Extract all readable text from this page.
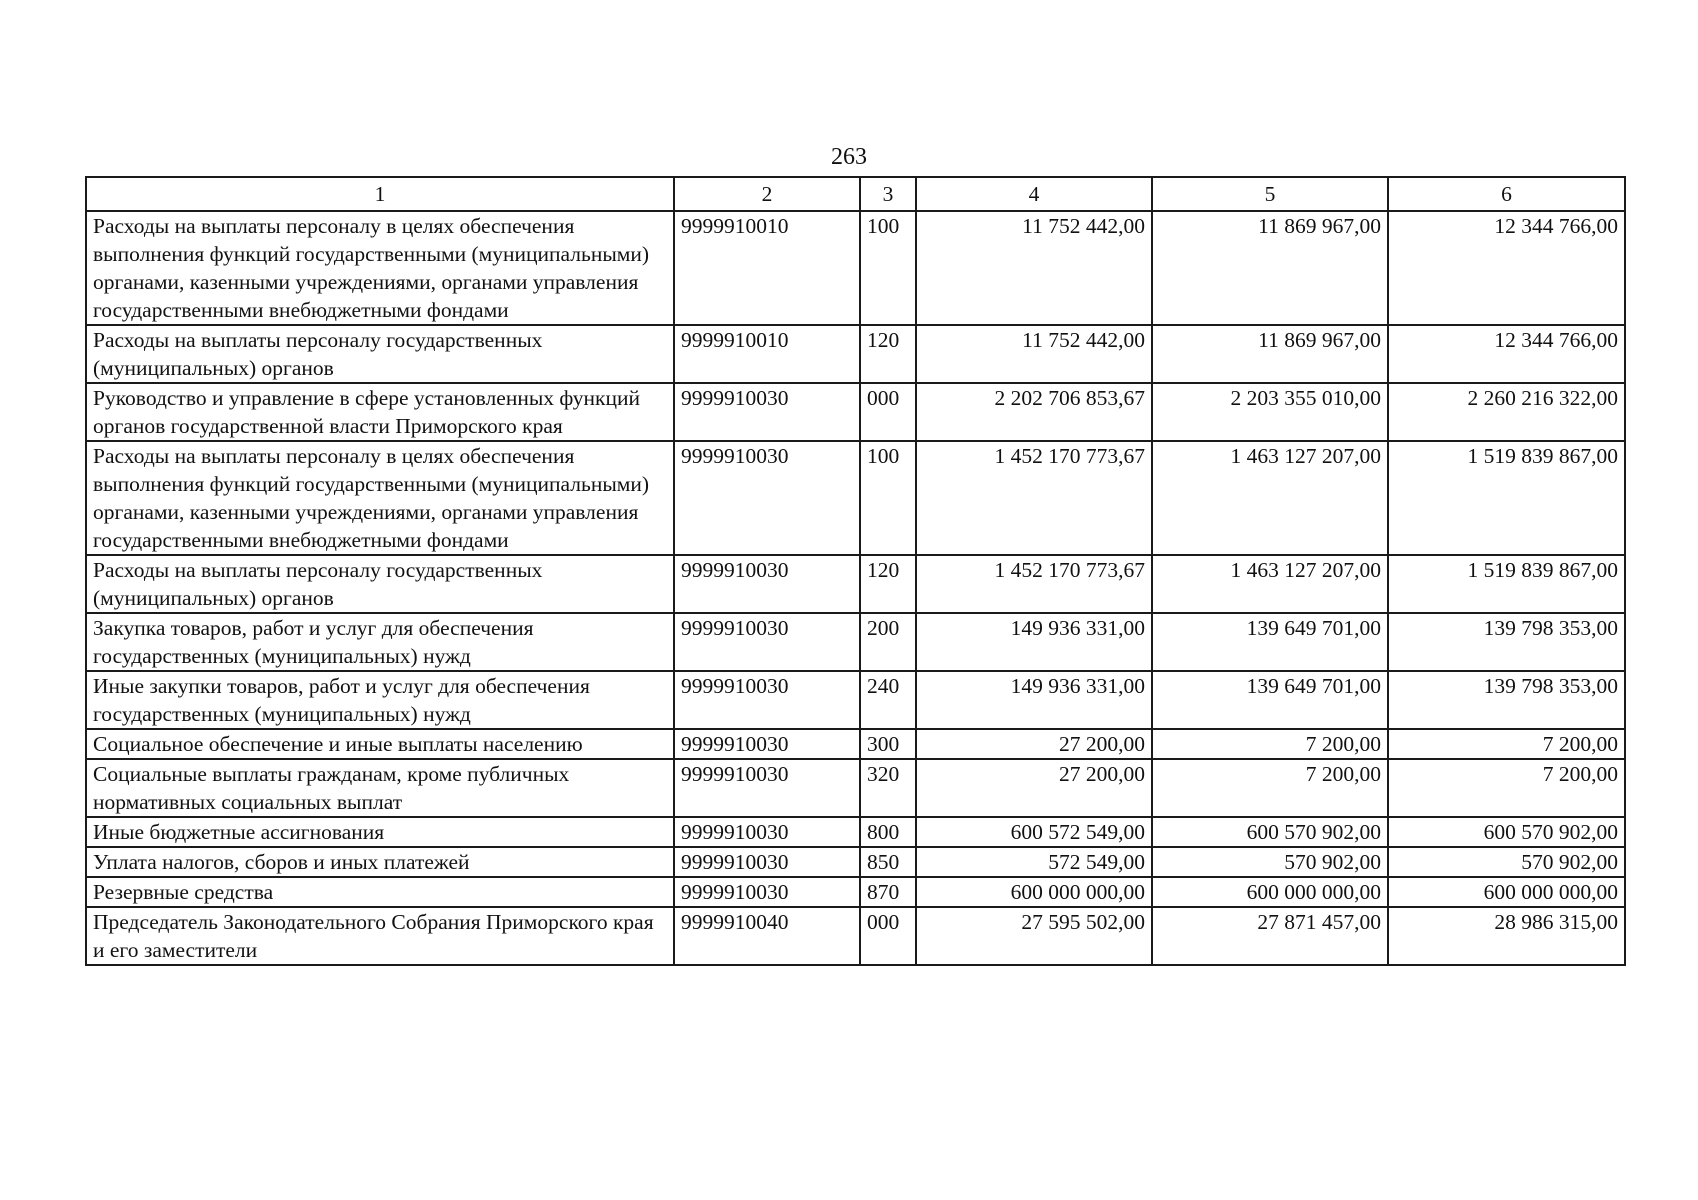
263
1	2	3	4	5	6
Расходы на выплаты персоналу в целях обеспечения выполнения функций государственными (муниципальными) органами, казенными учреждениями, органами управления государственными внебюджетными фондами	9999910010	100	11 752 442,00	11 869 967,00	12 344 766,00
Расходы на выплаты персоналу государственных (муниципальных) органов	9999910010	120	11 752 442,00	11 869 967,00	12 344 766,00
Руководство и управление в сфере установленных функций органов государственной власти Приморского края	9999910030	000	2 202 706 853,67	2 203 355 010,00	2 260 216 322,00
Расходы на выплаты персоналу в целях обеспечения выполнения функций государственными (муниципальными) органами, казенными учреждениями, органами управления государственными внебюджетными фондами	9999910030	100	1 452 170 773,67	1 463 127 207,00	1 519 839 867,00
Расходы на выплаты персоналу государственных (муниципальных) органов	9999910030	120	1 452 170 773,67	1 463 127 207,00	1 519 839 867,00
Закупка товаров, работ и услуг для обеспечения государственных (муниципальных) нужд	9999910030	200	149 936 331,00	139 649 701,00	139 798 353,00
Иные закупки товаров, работ и услуг для обеспечения государственных (муниципальных) нужд	9999910030	240	149 936 331,00	139 649 701,00	139 798 353,00
Социальное обеспечение и иные выплаты населению	9999910030	300	27 200,00	7 200,00	7 200,00
Социальные выплаты гражданам, кроме публичных нормативных социальных выплат	9999910030	320	27 200,00	7 200,00	7 200,00
Иные бюджетные ассигнования	9999910030	800	600 572 549,00	600 570 902,00	600 570 902,00
Уплата налогов, сборов и иных платежей	9999910030	850	572 549,00	570 902,00	570 902,00
Резервные средства	9999910030	870	600 000 000,00	600 000 000,00	600 000 000,00
Председатель Законодательного Собрания Приморского края и его заместители	9999910040	000	27 595 502,00	27 871 457,00	28 986 315,00
